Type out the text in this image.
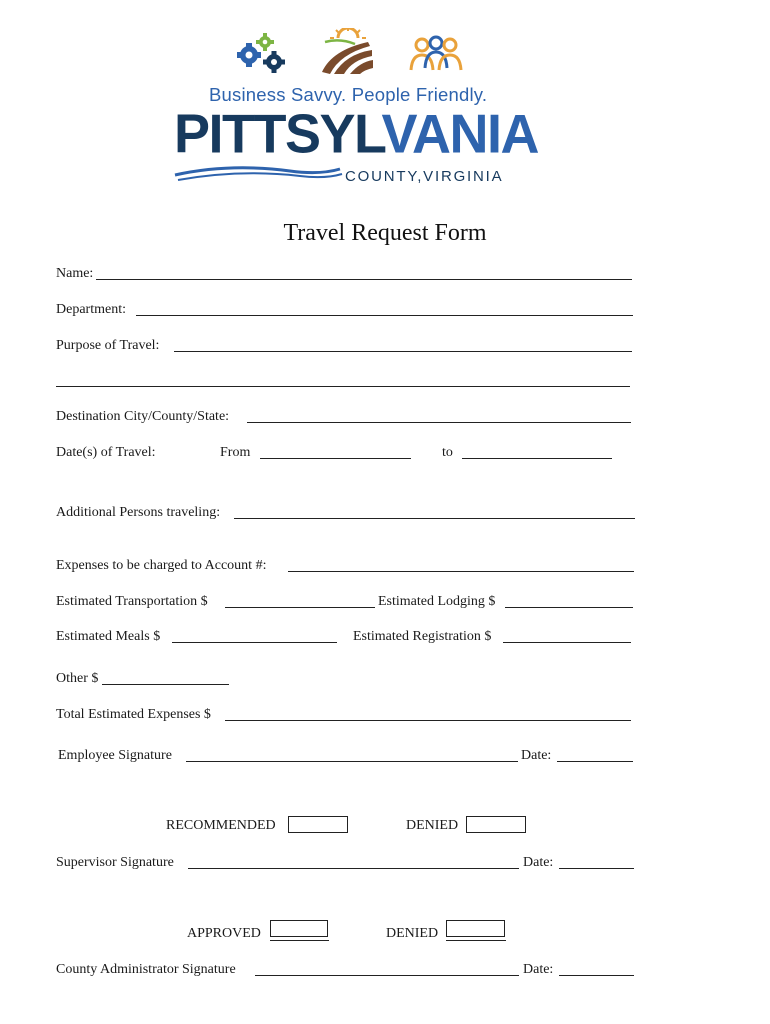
Business Savvy. People Friendly.
PITTSYLVANIA
COUNTY,VIRGINIA
Travel Request Form
Name:
Department:
Purpose of Travel:
Destination City/County/State:
Date(s) of Travel:	From	to
Additional Persons traveling:
Expenses to be charged to Account #:
Estimated Transportation $	Estimated Lodging $
Estimated Meals $	Estimated Registration $
Other $
Total Estimated Expenses $
Employee Signature	Date:
RECOMMENDED	DENIED
Supervisor Signature	Date:
APPROVED	DENIED
County Administrator Signature	Date:
